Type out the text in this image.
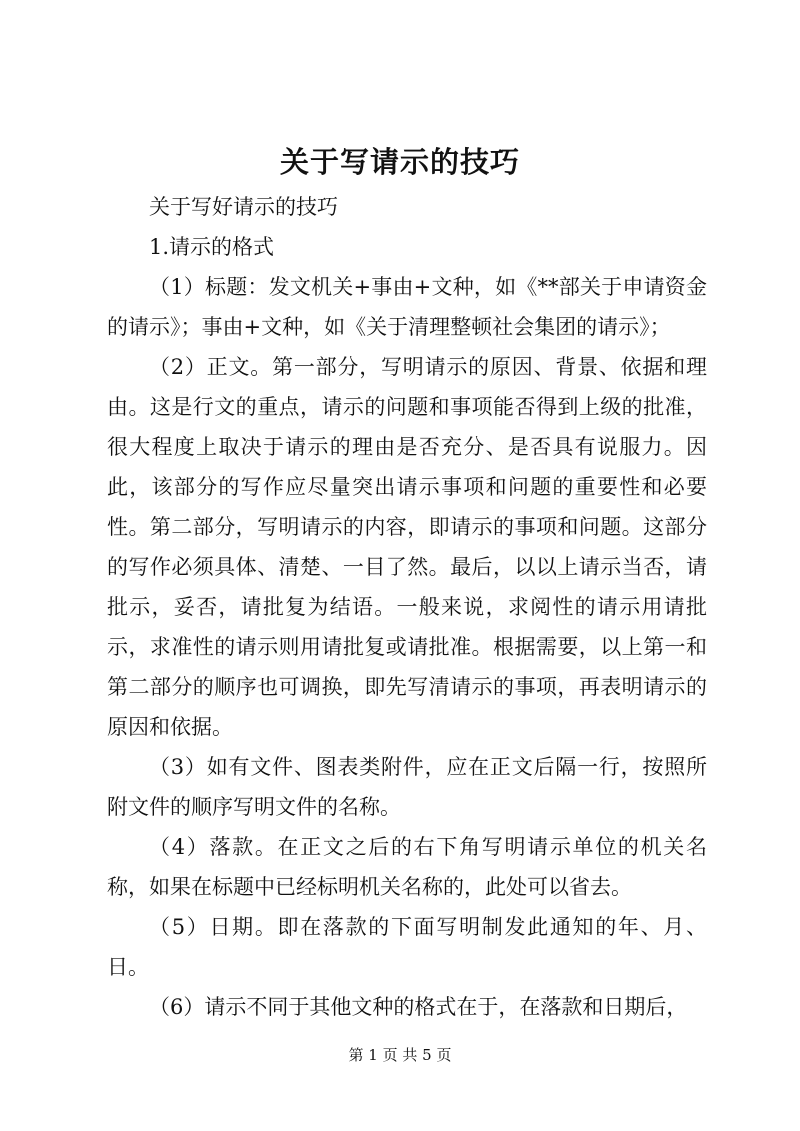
关于写请示的技巧

关于写好请示的技巧

1.请示的格式

（1）标题：发文机关+事由+文种，如《**部关于申请资金的请示》；事由+文种，如《关于清理整顿社会集团的请示》；

（2）正文。第一部分，写明请示的原因、背景、依据和理由。这是行文的重点，请示的问题和事项能否得到上级的批准，很大程度上取决于请示的理由是否充分、是否具有说服力。因此，该部分的写作应尽量突出请示事项和问题的重要性和必要性。第二部分，写明请示的内容，即请示的事项和问题。这部分的写作必须具体、清楚、一目了然。最后，以以上请示当否，请批示，妥否，请批复为结语。一般来说，求阅性的请示用请批示，求准性的请示则用请批复或请批准。根据需要，以上第一和第二部分的顺序也可调换，即先写清请示的事项，再表明请示的原因和依据。

（3）如有文件、图表类附件，应在正文后隔一行，按照所附文件的顺序写明文件的名称。

（4）落款。在正文之后的右下角写明请示单位的机关名称，如果在标题中已经标明机关名称的，此处可以省去。

（5）日期。即在落款的下面写明制发此通知的年、月、日。

（6）请示不同于其他文种的格式在于，在落款和日期后，

第 1 页 共 5 页
